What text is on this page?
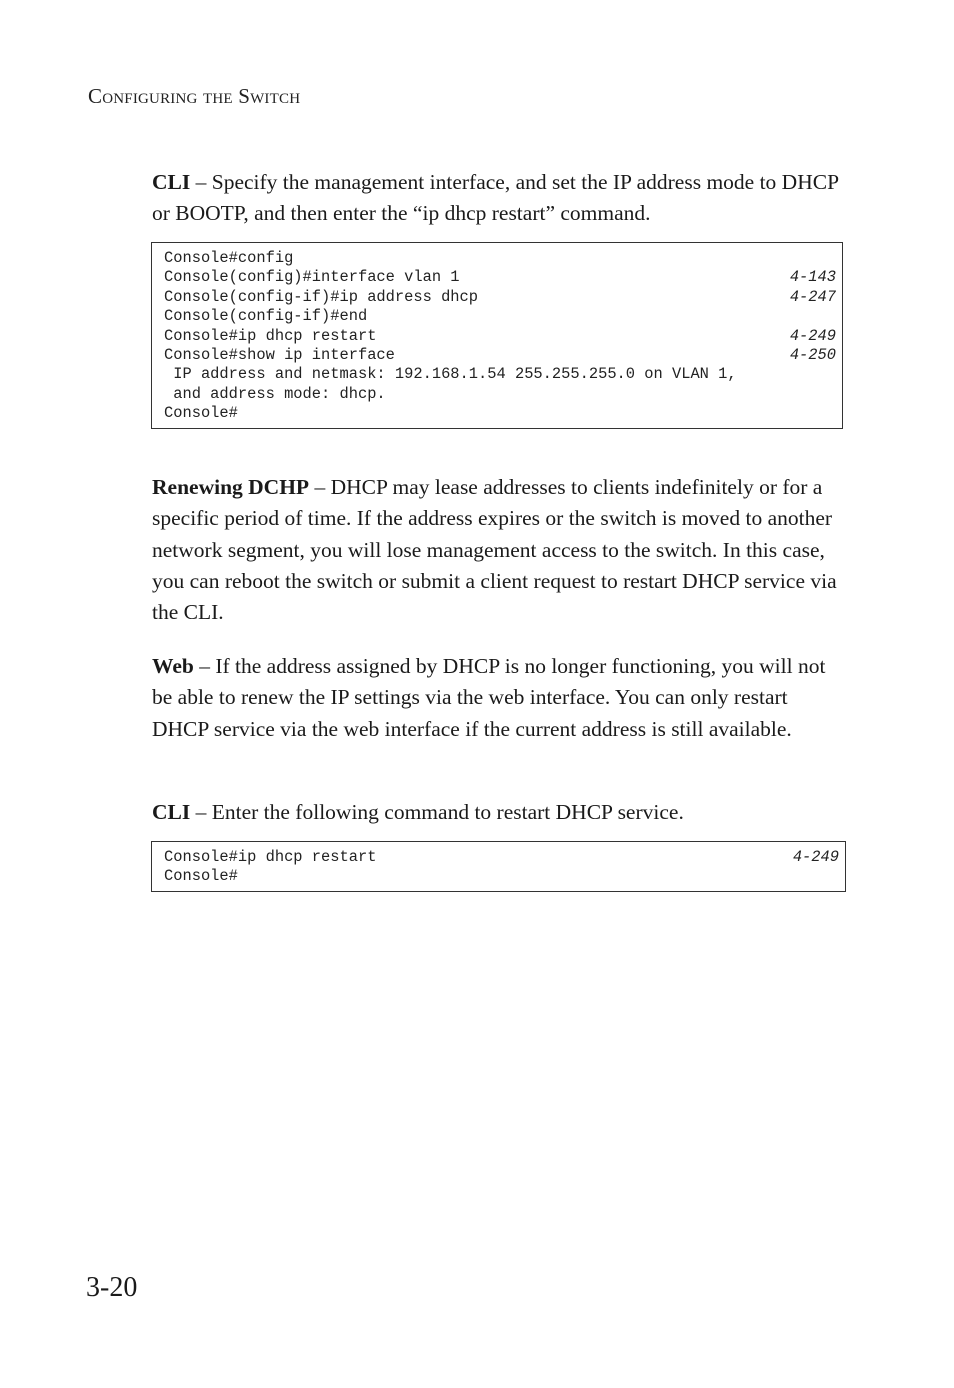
Configuring the Switch

CLI – Specify the management interface, and set the IP address mode to DHCP or BOOTP, and then enter the “ip dhcp restart” command.

Console#config
Console(config)#interface vlan 1	4-143
Console(config-if)#ip address dhcp	4-247
Console(config-if)#end
Console#ip dhcp restart	4-249
Console#show ip interface	4-250
IP address and netmask: 192.168.1.54 255.255.255.0 on VLAN 1,
and address mode: dhcp.
Console#

Renewing DCHP – DHCP may lease addresses to clients indefinitely or for a specific period of time. If the address expires or the switch is moved to another network segment, you will lose management access to the switch. In this case, you can reboot the switch or submit a client request to restart DHCP service via the CLI.

Web – If the address assigned by DHCP is no longer functioning, you will not be able to renew the IP settings via the web interface. You can only restart DHCP service via the web interface if the current address is still available.

CLI – Enter the following command to restart DHCP service.

Console#ip dhcp restart	4-249
Console#
3-20
